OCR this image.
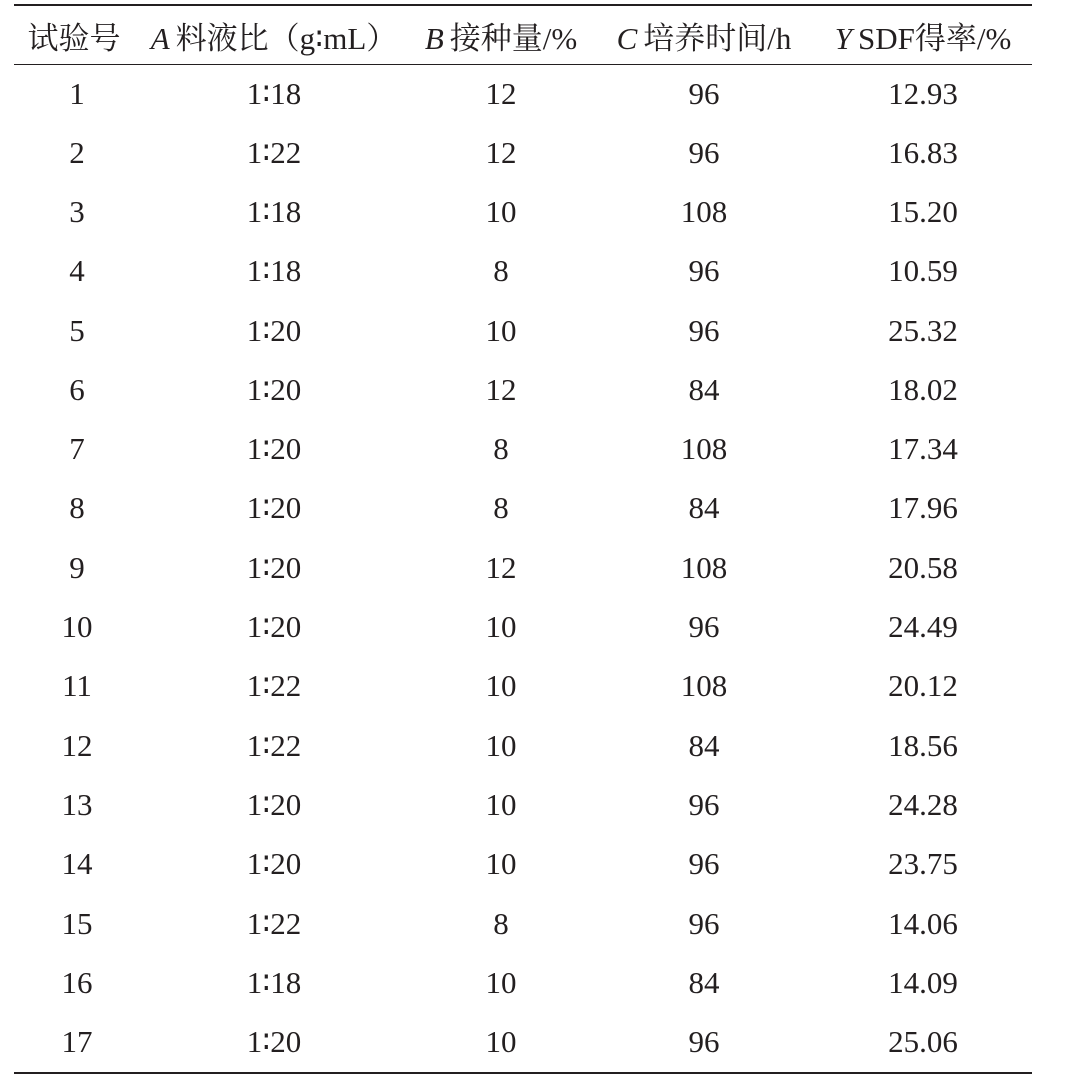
试验号	A 料液比（g∶mL）	B 接种量/%	C 培养时间/h	Y SDF得率/%
1	1∶18	12	96	12.93
2	1∶22	12	96	16.83
3	1∶18	10	108	15.20
4	1∶18	8	96	10.59
5	1∶20	10	96	25.32
6	1∶20	12	84	18.02
7	1∶20	8	108	17.34
8	1∶20	8	84	17.96
9	1∶20	12	108	20.58
10	1∶20	10	96	24.49
11	1∶22	10	108	20.12
12	1∶22	10	84	18.56
13	1∶20	10	96	24.28
14	1∶20	10	96	23.75
15	1∶22	8	96	14.06
16	1∶18	10	84	14.09
17	1∶20	10	96	25.06
